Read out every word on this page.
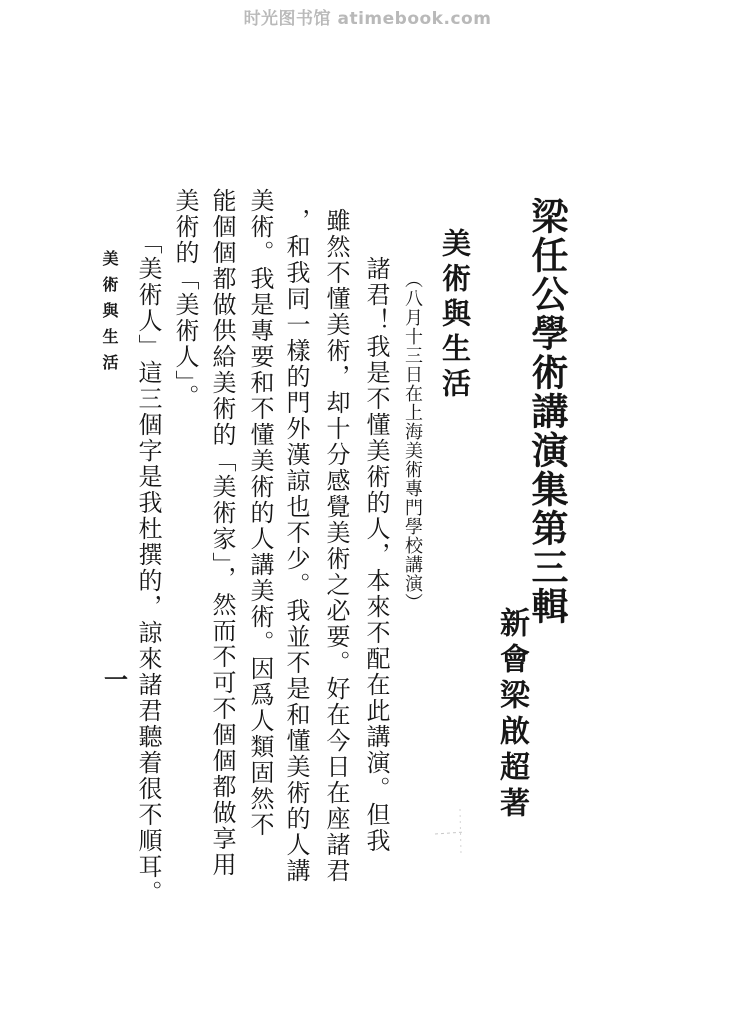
时光图书馆 atimebook.com
梁任公學術講演集第三輯
新會梁啟超著
美術與生活
（八月十三日在上海美術專門學校講演）
諸君！我是不懂美術的人，本來不配在此講演。但我
雖然不懂美術，却十分感覺美術之必要。好在今日在座諸君
，和我同一樣的門外漢諒也不少。我並不是和懂美術的人講
美術。我是專要和不懂美術的人講美術。因爲人類固然不
能個個都做供給美術的「美術家」，然而不可不個個都做享用
美術的「美術人」。
「美術人」這三個字是我杜撰的，諒來諸君聽着很不順耳。
美術與生活
一
